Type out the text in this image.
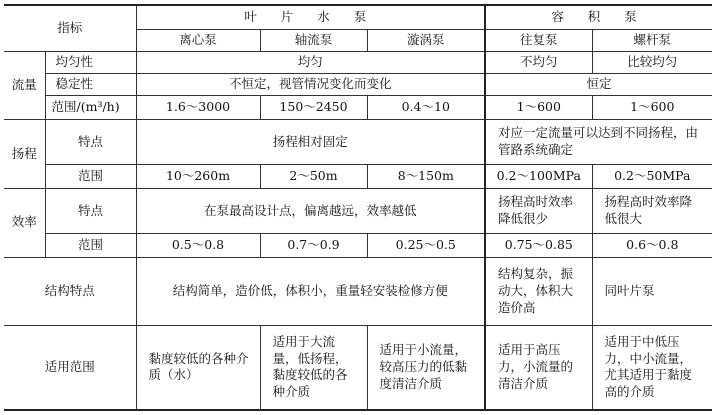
指标		叶 片 水 泵			容 积 泵	
		离心泵	轴流泵	漩涡泵	往复泵	螺杆泵
流量	均匀性	均匀			不均匀	比较均匀
	稳定性	不恒定，视管情况变化而变化			恒定	
	范围/(m³/h)	1.6～3000	150～2450	0.4～10	1～600	1～600
扬程	特点	扬程相对固定			对应一定流量可以达到不同扬程，由管路系统确定	
	范围	10～260m	2～50m	8～150m	0.2～100MPa	0.2～50MPa
效率	特点	在泵最高设计点，偏离越远，效率越低			扬程高时效率降低很少	扬程高时效率降低很大
	范围	0.5～0.8	0.7～0.9	0.25～0.5	0.75～0.85	0.6～0.8
结构特点		结构简单，造价低，体积小，重量轻安装检修方便			结构复杂，振动大，体积大造价高	同叶片泵
适用范围		黏度较低的各种介质（水）	适用于大流量，低扬程，黏度较低的各种介质	适用于小流量，较高压力的低黏度清洁介质	适用于高压力，小流量的清洁介质	适用于中低压力，中小流量，尤其适用于黏度高的介质
